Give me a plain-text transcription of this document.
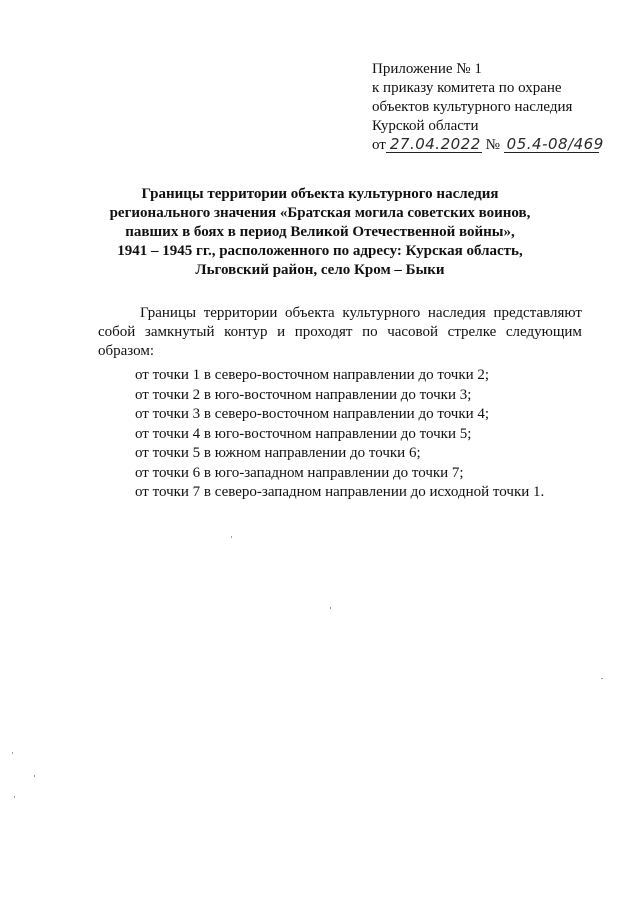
Приложение № 1
к приказу комитета по охране
объектов культурного наследия
Курской области
от 27.04.2022 № 05.4-08/469
Границы территории объекта культурного наследия
регионального значения «Братская могила советских воинов,
павших в боях в период Великой Отечественной войны»,
1941 – 1945 гг., расположенного по адресу: Курская область,
Льговский район, село Кром – Быки
Границы территории объекта культурного наследия представляют
собой замкнутый контур и проходят по часовой стрелке следующим
образом:
от точки 1 в северо-восточном направлении до точки 2;
от точки 2 в юго-восточном направлении до точки 3;
от точки 3 в северо-восточном направлении до точки 4;
от точки 4 в юго-восточном направлении до точки 5;
от точки 5 в южном направлении до точки 6;
от точки 6 в юго-западном направлении до точки 7;
от точки 7 в северо-западном направлении до исходной точки 1.
